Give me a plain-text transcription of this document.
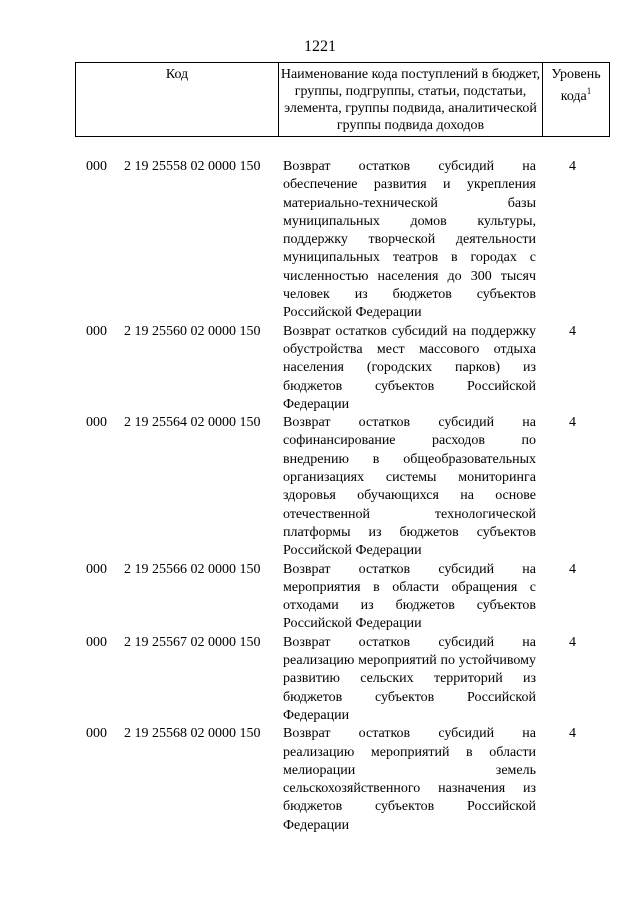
1221
Код	Наименование кода поступлений в бюджет, группы, подгруппы, статьи, подстатьи, элемента, группы подвида, аналитической группы подвида доходов
Уровень кода$^1$
000 2 19 25558 02 0000 150 Возврат остатков субсидий на обеспечение развития и укрепления материально-технической базы муниципальных домов культуры, поддержку творческой деятельности муниципальных театров в городах с численностью населения до 300 тысяч человек из бюджетов субъектов Российской Федерации
4
000 2 19 25560 02 0000 150 Возврат остатков субсидий на поддержку обустройства мест массового отдыха населения (городских парков) из бюджетов субъектов Российской Федерации
4
000 2 19 25564 02 0000 150 Возврат остатков субсидий на софинансирование расходов по внедрению в общеобразовательных организациях системы мониторинга здоровья обучающихся на основе отечественной технологической платформы из бюджетов субъектов Российской Федерации
4
000 2 19 25566 02 0000 150 Возврат остатков субсидий на мероприятия в области обращения с отходами из бюджетов субъектов Российской Федерации
4
000 2 19 25567 02 0000 150 Возврат остатков субсидий на реализацию мероприятий по устойчивому развитию сельских территорий из бюджетов субъектов Российской Федерации
4
000 2 19 25568 02 0000 150 Возврат остатков субсидий на реализацию мероприятий в области мелиорации земель сельскохозяйственного назначения из бюджетов субъектов Российской Федерации
4
